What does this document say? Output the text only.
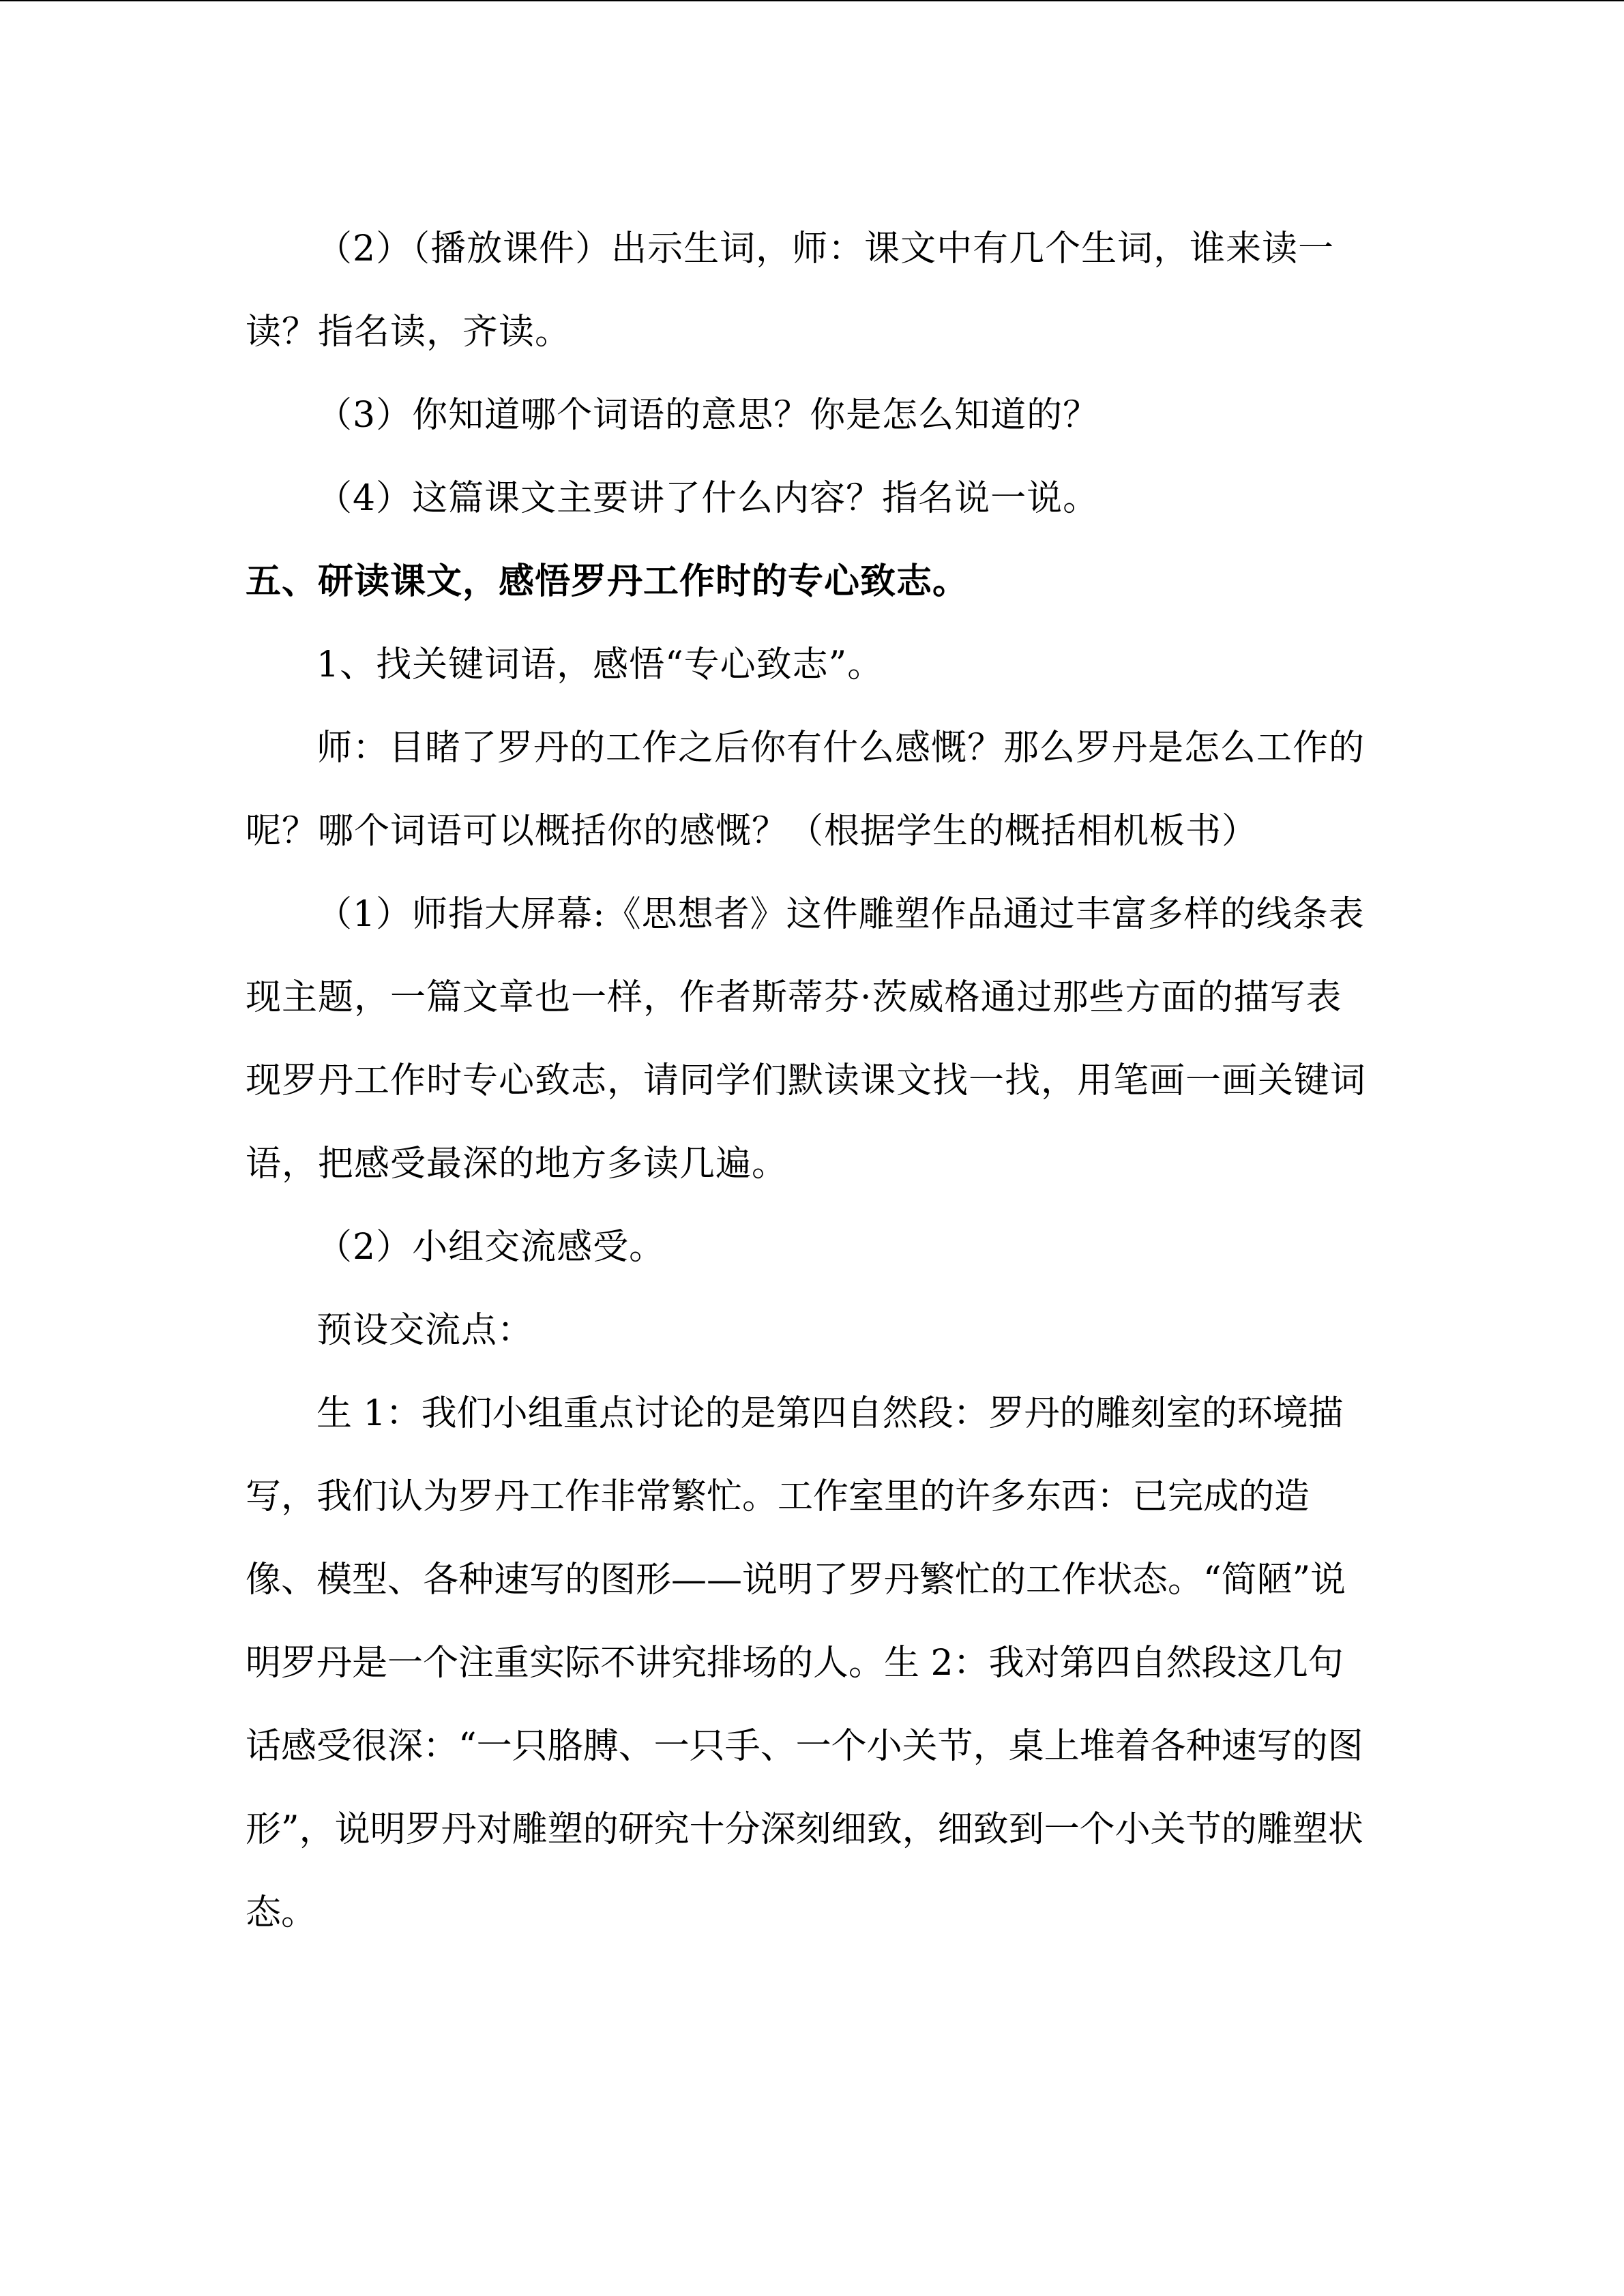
（2）（播放课件）出示生词，师：课文中有几个生词，谁来读一读？指名读，齐读。

（3）你知道哪个词语的意思？你是怎么知道的？

（4）这篇课文主要讲了什么内容？指名说一说。

五、研读课文，感悟罗丹工作时的专心致志。

1、找关键词语，感悟“专心致志”。

师：目睹了罗丹的工作之后你有什么感慨？那么罗丹是怎么工作的呢？哪个词语可以概括你的感慨？（根据学生的概括相机板书）

（1）师指大屏幕:《思想者》这件雕塑作品通过丰富多样的线条表现主题，一篇文章也一样，作者斯蒂芬·茨威格通过那些方面的描写表现罗丹工作时专心致志，请同学们默读课文找一找，用笔画一画关键词语，把感受最深的地方多读几遍。

（2）小组交流感受。

预设交流点：

生 1：我们小组重点讨论的是第四自然段：罗丹的雕刻室的环境描写，我们认为罗丹工作非常繁忙。工作室里的许多东西：已完成的造像、模型、各种速写的图形——说明了罗丹繁忙的工作状态。“简陋”说明罗丹是一个注重实际不讲究排场的人。生 2：我对第四自然段这几句话感受很深：“一只胳膊、一只手、一个小关节，桌上堆着各种速写的图形”，说明罗丹对雕塑的研究十分深刻细致，细致到一个小关节的雕塑状态。
